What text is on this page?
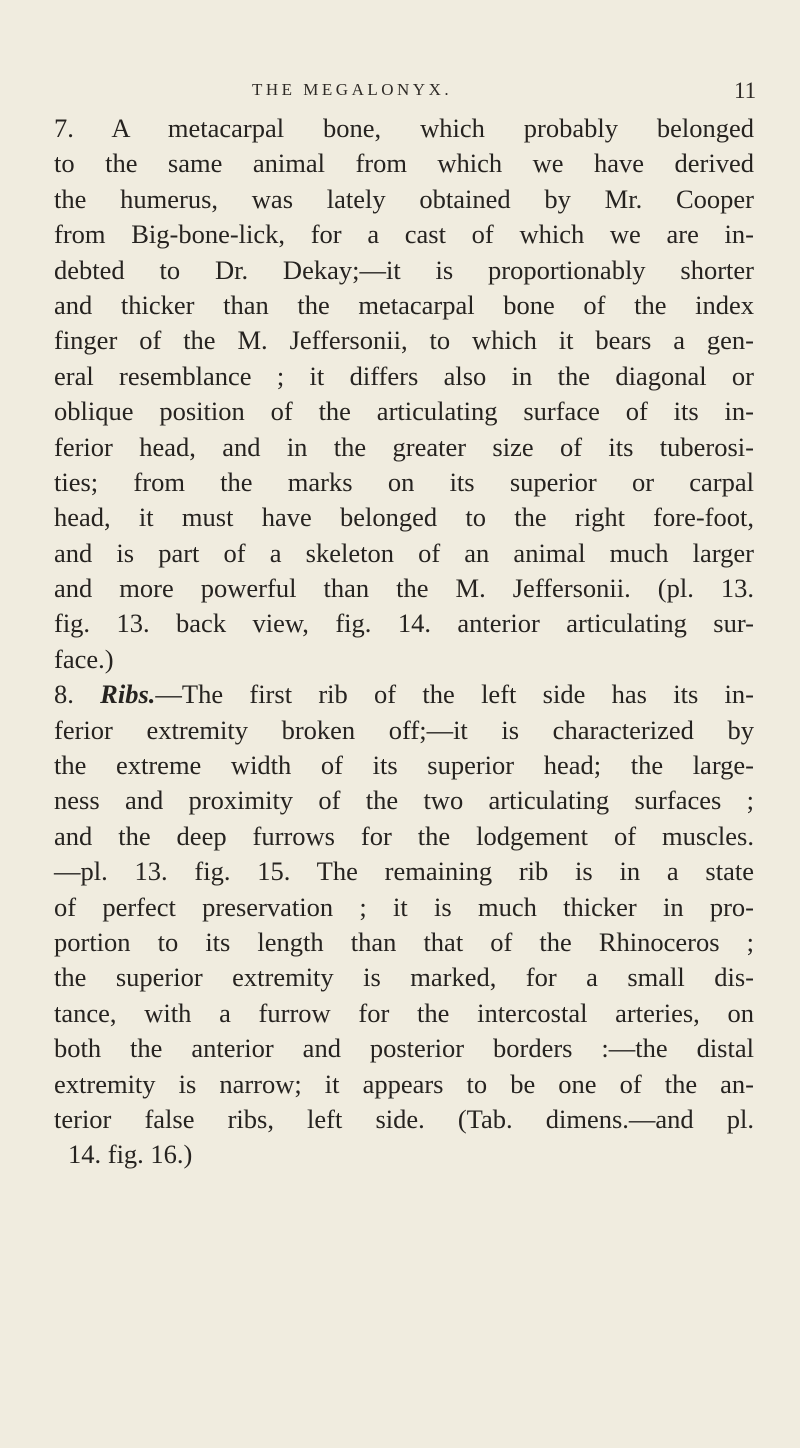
THE MEGALONYX.	11
7. A metacarpal bone, which probably belonged
to the same animal from which we have derived
the humerus, was lately obtained by Mr. Cooper
from Big-bone-lick, for a cast of which we are in-
debted to Dr. Dekay;—it is proportionably shorter
and thicker than the metacarpal bone of the index
finger of the M. Jeffersonii, to which it bears a gen-
eral resemblance ; it differs also in the diagonal or
oblique position of the articulating surface of its in-
ferior head, and in the greater size of its tuberosi-
ties; from the marks on its superior or carpal
head, it must have belonged to the right fore-foot,
and is part of a skeleton of an animal much larger
and more powerful than the M. Jeffersonii. (pl. 13.
fig. 13. back view, fig. 14. anterior articulating sur-
face.)
8. Ribs.—The first rib of the left side has its in-
ferior extremity broken off;—it is characterized by
the extreme width of its superior head; the large-
ness and proximity of the two articulating surfaces ;
and the deep furrows for the lodgement of muscles.
—pl. 13. fig. 15. The remaining rib is in a state
of perfect preservation ; it is much thicker in pro-
portion to its length than that of the Rhinoceros ;
the superior extremity is marked, for a small dis-
tance, with a furrow for the intercostal arteries, on
both the anterior and posterior borders :—the distal
extremity is narrow; it appears to be one of the an-
terior false ribs, left side. (Tab. dimens.—and pl.
14. fig. 16.)
